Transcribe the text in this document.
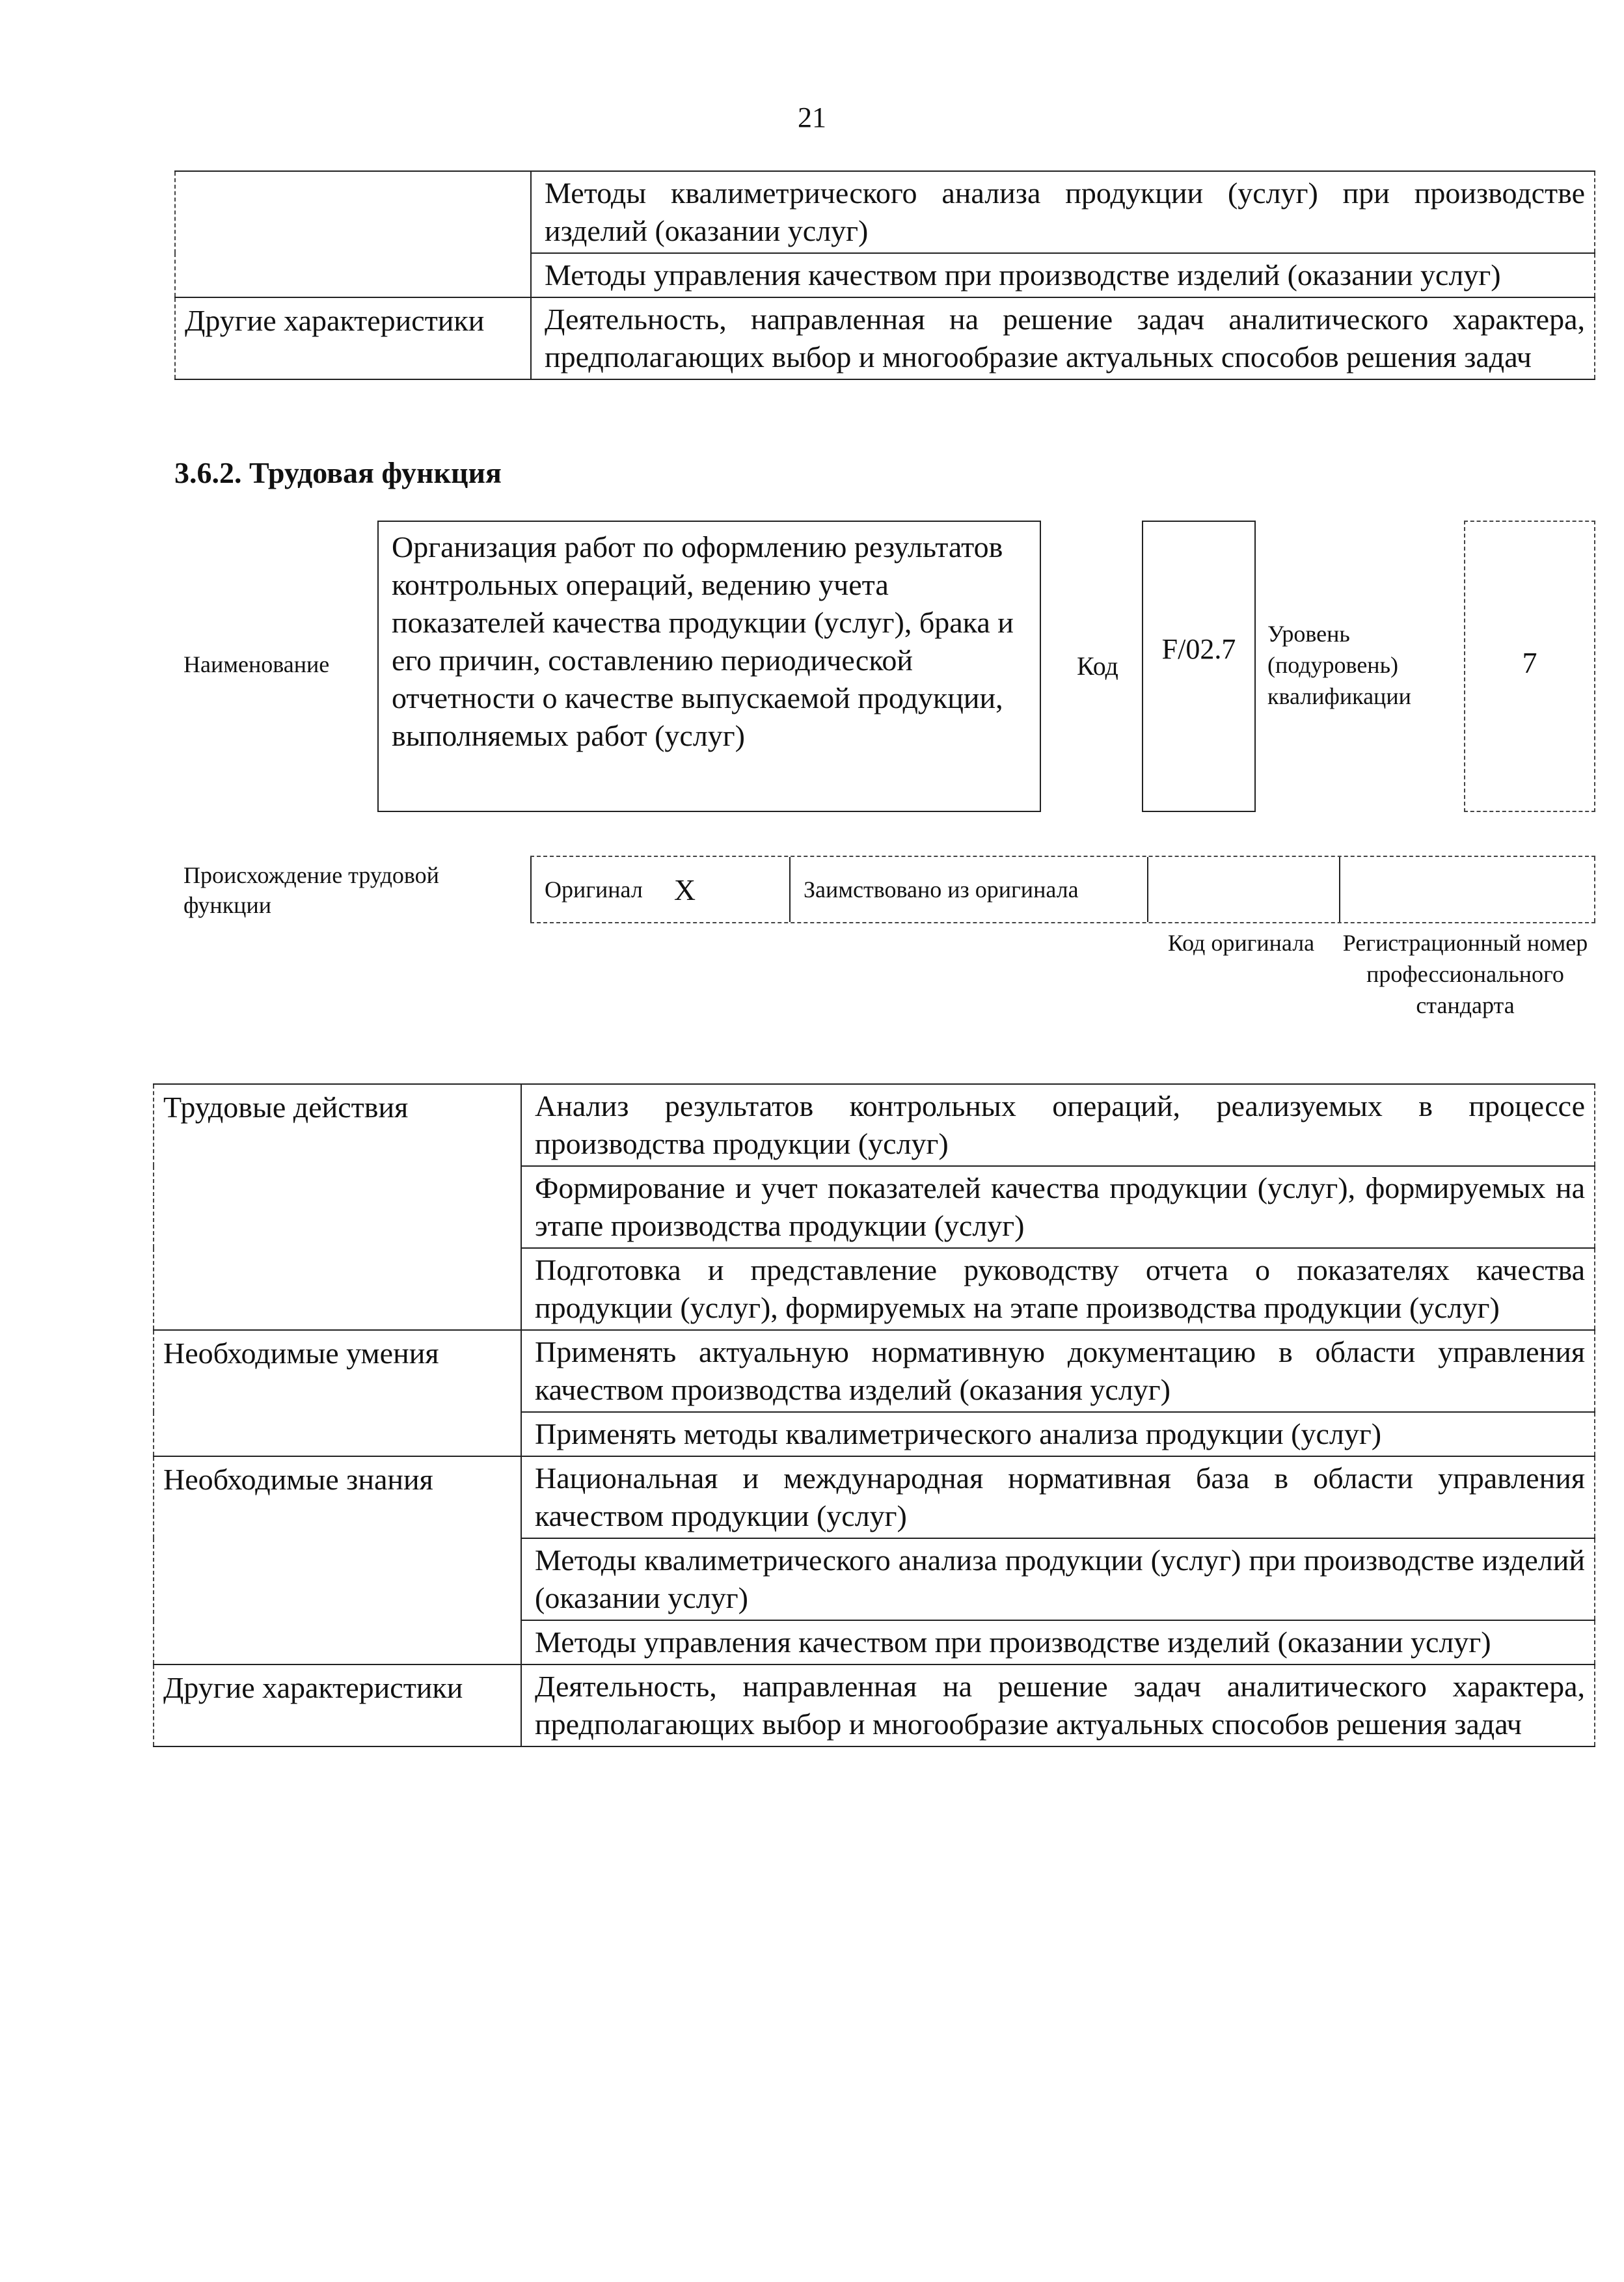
21
	Методы квалиметрического анализа продукции (услуг) при производстве изделий (оказании услуг)
	Методы управления качеством при производстве изделий (оказании услуг)
Другие характеристики	Деятельность, направленная на решение задач аналитического характера, предполагающих выбор и многообразие актуальных способов решения задач
3.6.2. Трудовая функция
Наименование
Организация работ по оформлению результатов контрольных операций, ведению учета показателей качества продукции (услуг), брака и его причин, составлению периодической отчетности о качестве выпускаемой продукции, выполняемых работ (услуг)
Код
F/02.7	Уровень
(подуровень)
квалификации
7
Происхождение трудовой функции
Оригинал X	Заимствовано из оригинала
Код оригинала	Регистрационный номер профессионального стандарта
Трудовые действия	Анализ результатов контрольных операций, реализуемых в процессе производства продукции (услуг)
	Формирование и учет показателей качества продукции (услуг), формируемых на этапе производства продукции (услуг)
	Подготовка и представление руководству отчета о показателях качества продукции (услуг), формируемых на этапе производства продукции (услуг)
Необходимые умения	Применять актуальную нормативную документацию в области управления качеством производства изделий (оказания услуг)
	Применять методы квалиметрического анализа продукции (услуг)
Необходимые знания	Национальная и международная нормативная база в области управления качеством продукции (услуг)
	Методы квалиметрического анализа продукции (услуг) при производстве изделий (оказании услуг)
	Методы управления качеством при производстве изделий (оказании услуг)
Другие характеристики	Деятельность, направленная на решение задач аналитического характера, предполагающих выбор и многообразие актуальных способов решения задач
